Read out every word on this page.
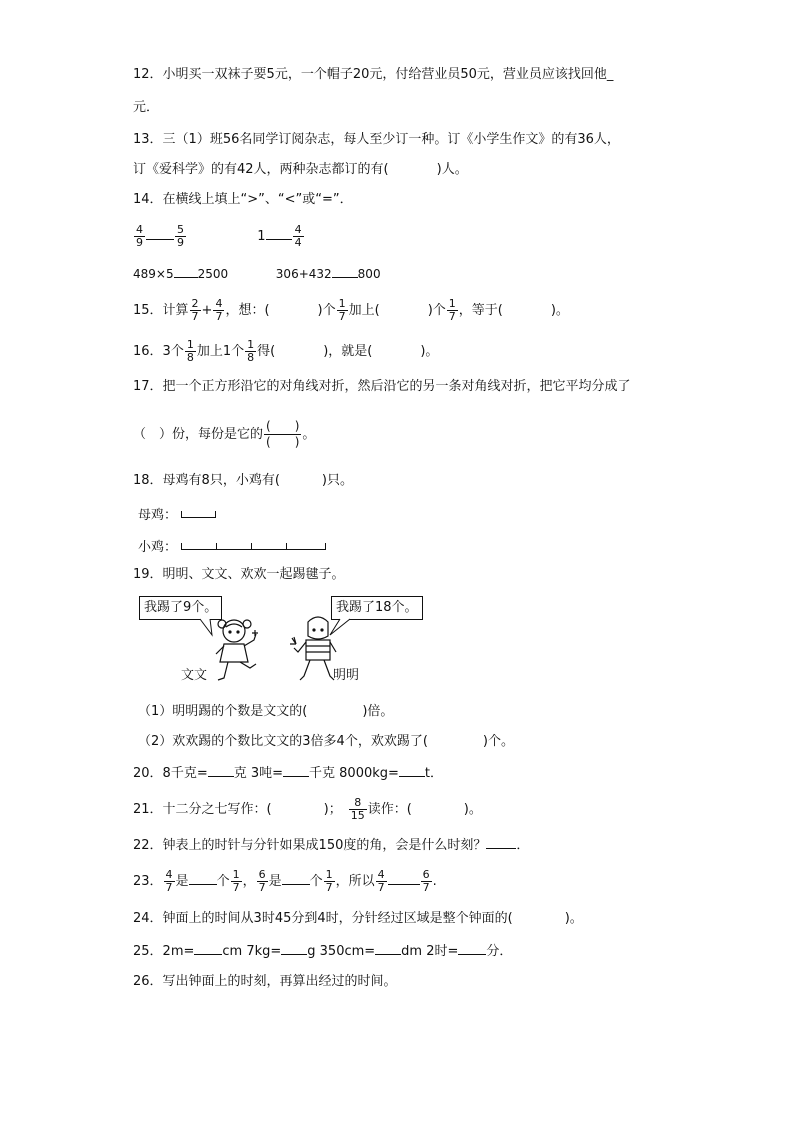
12．小明买一双袜子要5元，一个帽子20元，付给营业员50元，营业员应该找回他_
元．
13．三（1）班56名同学订阅杂志，每人至少订一种。订《小学生作文》的有36人，
订《爱科学》的有42人，两种杂志都订的有(	)人。
14．在横线上填上“>”、“<”或“=”．
$\frac{4}{9}$	$\frac{5}{9}$	$1 \frac{4}{4}$
489×5 2500	306+432 800
15．计算 $\frac{2}{7} + \frac{4}{7}$ ，想：(	)个 $\frac{1}{7}$ 加上(	)个 $\frac{1}{7}$ ，等于(	)。
16．3个 $\frac{1}{8}$ 加上1个 $\frac{1}{8}$ 得(	)，就是(	)。
17．把一个正方形沿它的对角线对折，然后沿它的另一条对角线对折，把它平均分成了
（　）份，每份是它的 $\frac{( )}{( )}$ 。
18．母鸡有8只，小鸡有(	)只。
母鸡：
小鸡：
19．明明、文文、欢欢一起踢毽子。
我踢了9个。	我踢了18个。
文文	明明
（1）明明踢的个数是文文的(	)倍。
（2）欢欢踢的个数比文文的3倍多4个，欢欢踢了(	)个。
20．8千克= 克 3吨= 千克 8000kg= t．
21．十二分之七写作：(	)； $\frac{8}{15}$ 读作：(	)。
22．钟表上的时针与分针如果成150度的角，会是什么时刻？ ．
23． $\frac{4}{7}$ 是 个 $\frac{1}{7}$ ， $\frac{6}{7}$ 是 个 $\frac{1}{7}$ ，所以 $\frac{4}{7}$	$\frac{6}{7}$ .
24．钟面上的时间从3时45分到4时，分针经过区域是整个钟面的(	)。
25．2m= cm 7kg= g 350cm= dm 2时= 分．
26．写出钟面上的时刻，再算出经过的时间。
